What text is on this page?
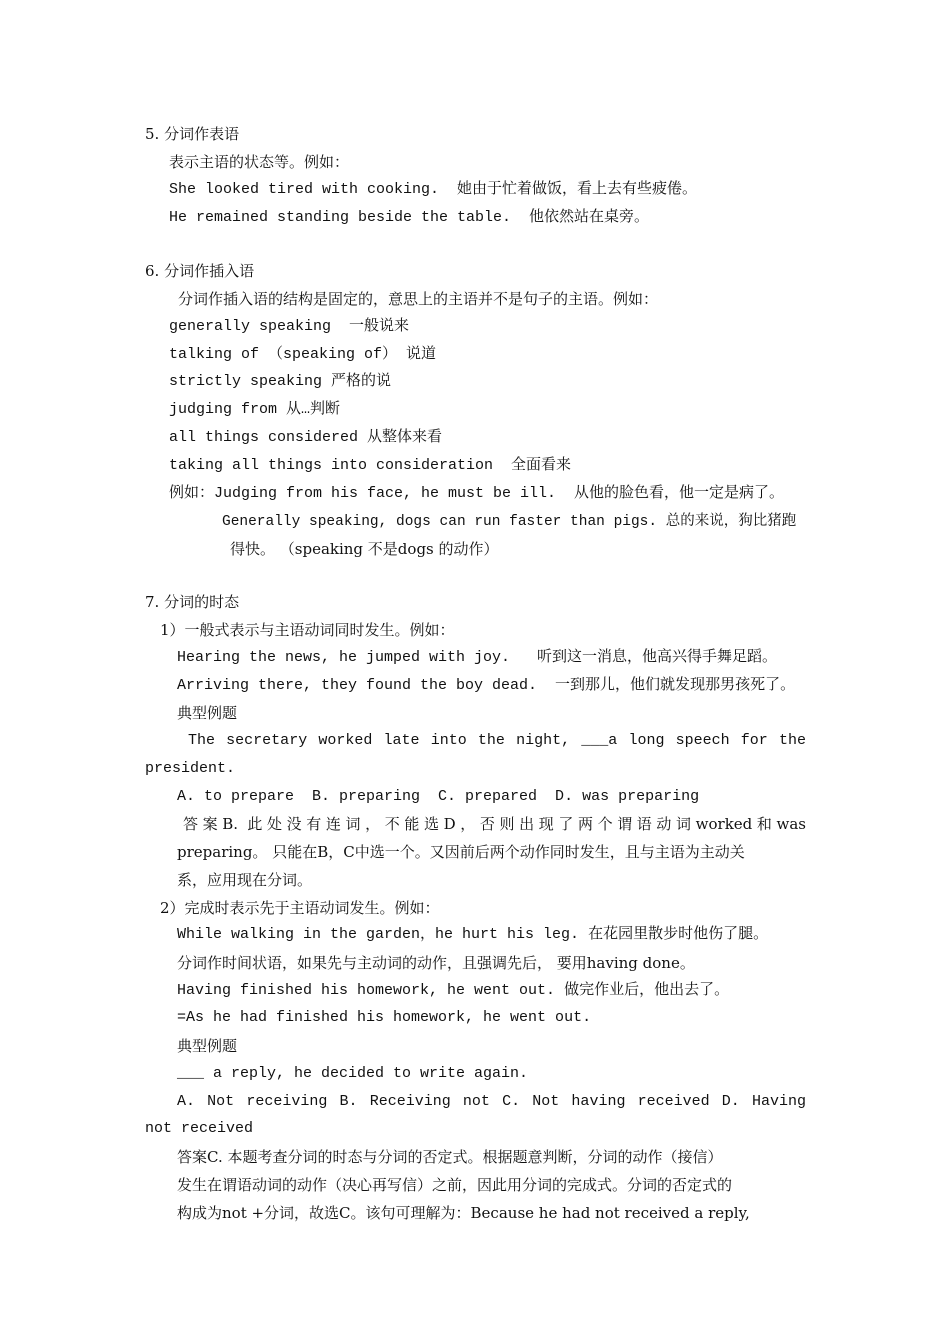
5. 分词作表语
表示主语的状态等。例如：
She looked tired with cooking.  她由于忙着做饭，看上去有些疲倦。
He remained standing beside the table.  他依然站在桌旁。
6. 分词作插入语
分词作插入语的结构是固定的，意思上的主语并不是句子的主语。例如：
generally speaking  一般说来
talking of （speaking of） 说道
strictly speaking 严格的说
judging from 从…判断
all things considered 从整体来看
taking all things into consideration  全面看来
例如：Judging from his face, he must be ill.  从他的脸色看，他一定是病了。
Generally speaking, dogs can run faster than pigs. 总的来说，狗比猪跑
得快。 （speaking 不是dogs 的动作）
7. 分词的时态
1）一般式表示与主语动词同时发生。例如：
Hearing the news, he jumped with joy.   听到这一消息，他高兴得手舞足蹈。
Arriving there, they found the boy dead.  一到那儿，他们就发现那男孩死了。
典型例题
The secretary worked late into the night, ___a long speech for the
president.
A. to prepare  B. preparing  C. prepared  D. was preparing
答案B. 此处没有连词，不能选D，否则出现了两个谓语动词worked和was
preparing。 只能在B，C中选一个。又因前后两个动作同时发生，且与主语为主动关
系，应用现在分词。
2）完成时表示先于主语动词发生。例如：
While walking in the garden，he hurt his leg. 在花园里散步时他伤了腿。
分词作时间状语，如果先与主动词的动作，且强调先后， 要用having done。
Having finished his homework, he went out. 做完作业后，他出去了。
=As he had finished his homework, he went out.
典型例题
___ a reply, he decided to write again.
A. Not receiving B. Receiving not C. Not having received D. Having
not received
答案C. 本题考查分词的时态与分词的否定式。根据题意判断，分词的动作（接信）
发生在谓语动词的动作（决心再写信）之前，因此用分词的完成式。分词的否定式的
构成为not +分词，故选C。该句可理解为：Because he had not received a reply,
